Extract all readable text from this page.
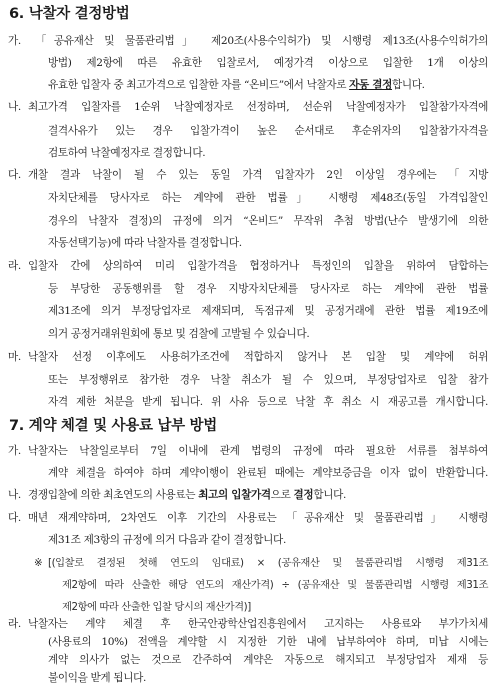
6. 낙찰자 결정방법
가. 「공유재산 및 물품관리법」 제20조(사용수익허가) 및 시행령 제13조(사용수익허가의
방법) 제2항에 따른 유효한 입찰로서, 예정가격 이상으로 입찰한 1개 이상의
유효한 입찰자 중 최고가격으로 입찰한 자를 “온비드”에서 낙찰자로 자동 결정합니다.
나. 최고가격 입찰자를 1순위 낙찰예정자로 선정하며, 선순위 낙찰예정자가 입찰참가자격에
결격사유가 있는 경우 입찰가격이 높은 순서대로 후순위자의 입찰참가자격을
검토하여 낙찰예정자로 결정합니다.
다. 개찰 결과 낙찰이 될 수 있는 동일 가격 입찰자가 2인 이상일 경우에는 「지방
자치단체를 당사자로 하는 계약에 관한 법률」 시행령 제48조(동일 가격입찰인
경우의 낙찰자 결정)의 규정에 의거 “온비드” 무작위 추첨 방법(난수 발생기에 의한
자동선택기능)에 따라 낙찰자를 결정합니다.
라. 입찰자 간에 상의하여 미리 입찰가격을 협정하거나 특정인의 입찰을 위하여 담합하는
등 부당한 공동행위를 할 경우 지방자치단체를 당사자로 하는 계약에 관한 법률
제31조에 의거 부정당업자로 제재되며, 독점규제 및 공정거래에 관한 법률 제19조에
의거 공정거래위원회에 통보 및 검찰에 고발될 수 있습니다.
마. 낙찰자 선정 이후에도 사용허가조건에 적합하지 않거나 본 입찰 및 계약에 허위
또는 부정행위로 참가한 경우 낙찰 취소가 될 수 있으며, 부정당업자로 입찰 참가
자격 제한 처분을 받게 됩니다. 위 사유 등으로 낙찰 후 취소 시 재공고를 개시합니다.
7. 계약 체결 및 사용료 납부 방법
가. 낙찰자는 낙찰일로부터 7일 이내에 관계 법령의 규정에 따라 필요한 서류를 첨부하여
계약 체결을 하여야 하며 계약이행이 완료된 때에는 계약보증금을 이자 없이 반환합니다.
나. 경쟁입찰에 의한 최초연도의 사용료는 최고의 입찰가격으로 결정합니다.
다. 매년 재계약하며, 2차연도 이후 기간의 사용료는 「공유재산 및 물품관리법」 시행령
제31조 제3항의 규정에 의거 다음과 같이 결정합니다.
※ [(입찰로 결정된 첫해 연도의 임대료) × (공유재산 및 물품관리법 시행령 제31조
제2항에 따라 산출한 해당 연도의 재산가격) ÷ (공유재산 및 물품관리법 시행령 제31조
제2항에 따라 산출한 입찰 당시의 재산가격)]
라. 낙찰자는 계약 체결 후 한국안광학산업진흥원에서 고지하는 사용료와 부가가치세
(사용료의 10%) 전액을 계약할 시 지정한 기한 내에 납부하여야 하며, 미납 시에는
계약 의사가 없는 것으로 간주하여 계약은 자동으로 해지되고 부정당업자 제재 등
불이익을 받게 됩니다.
